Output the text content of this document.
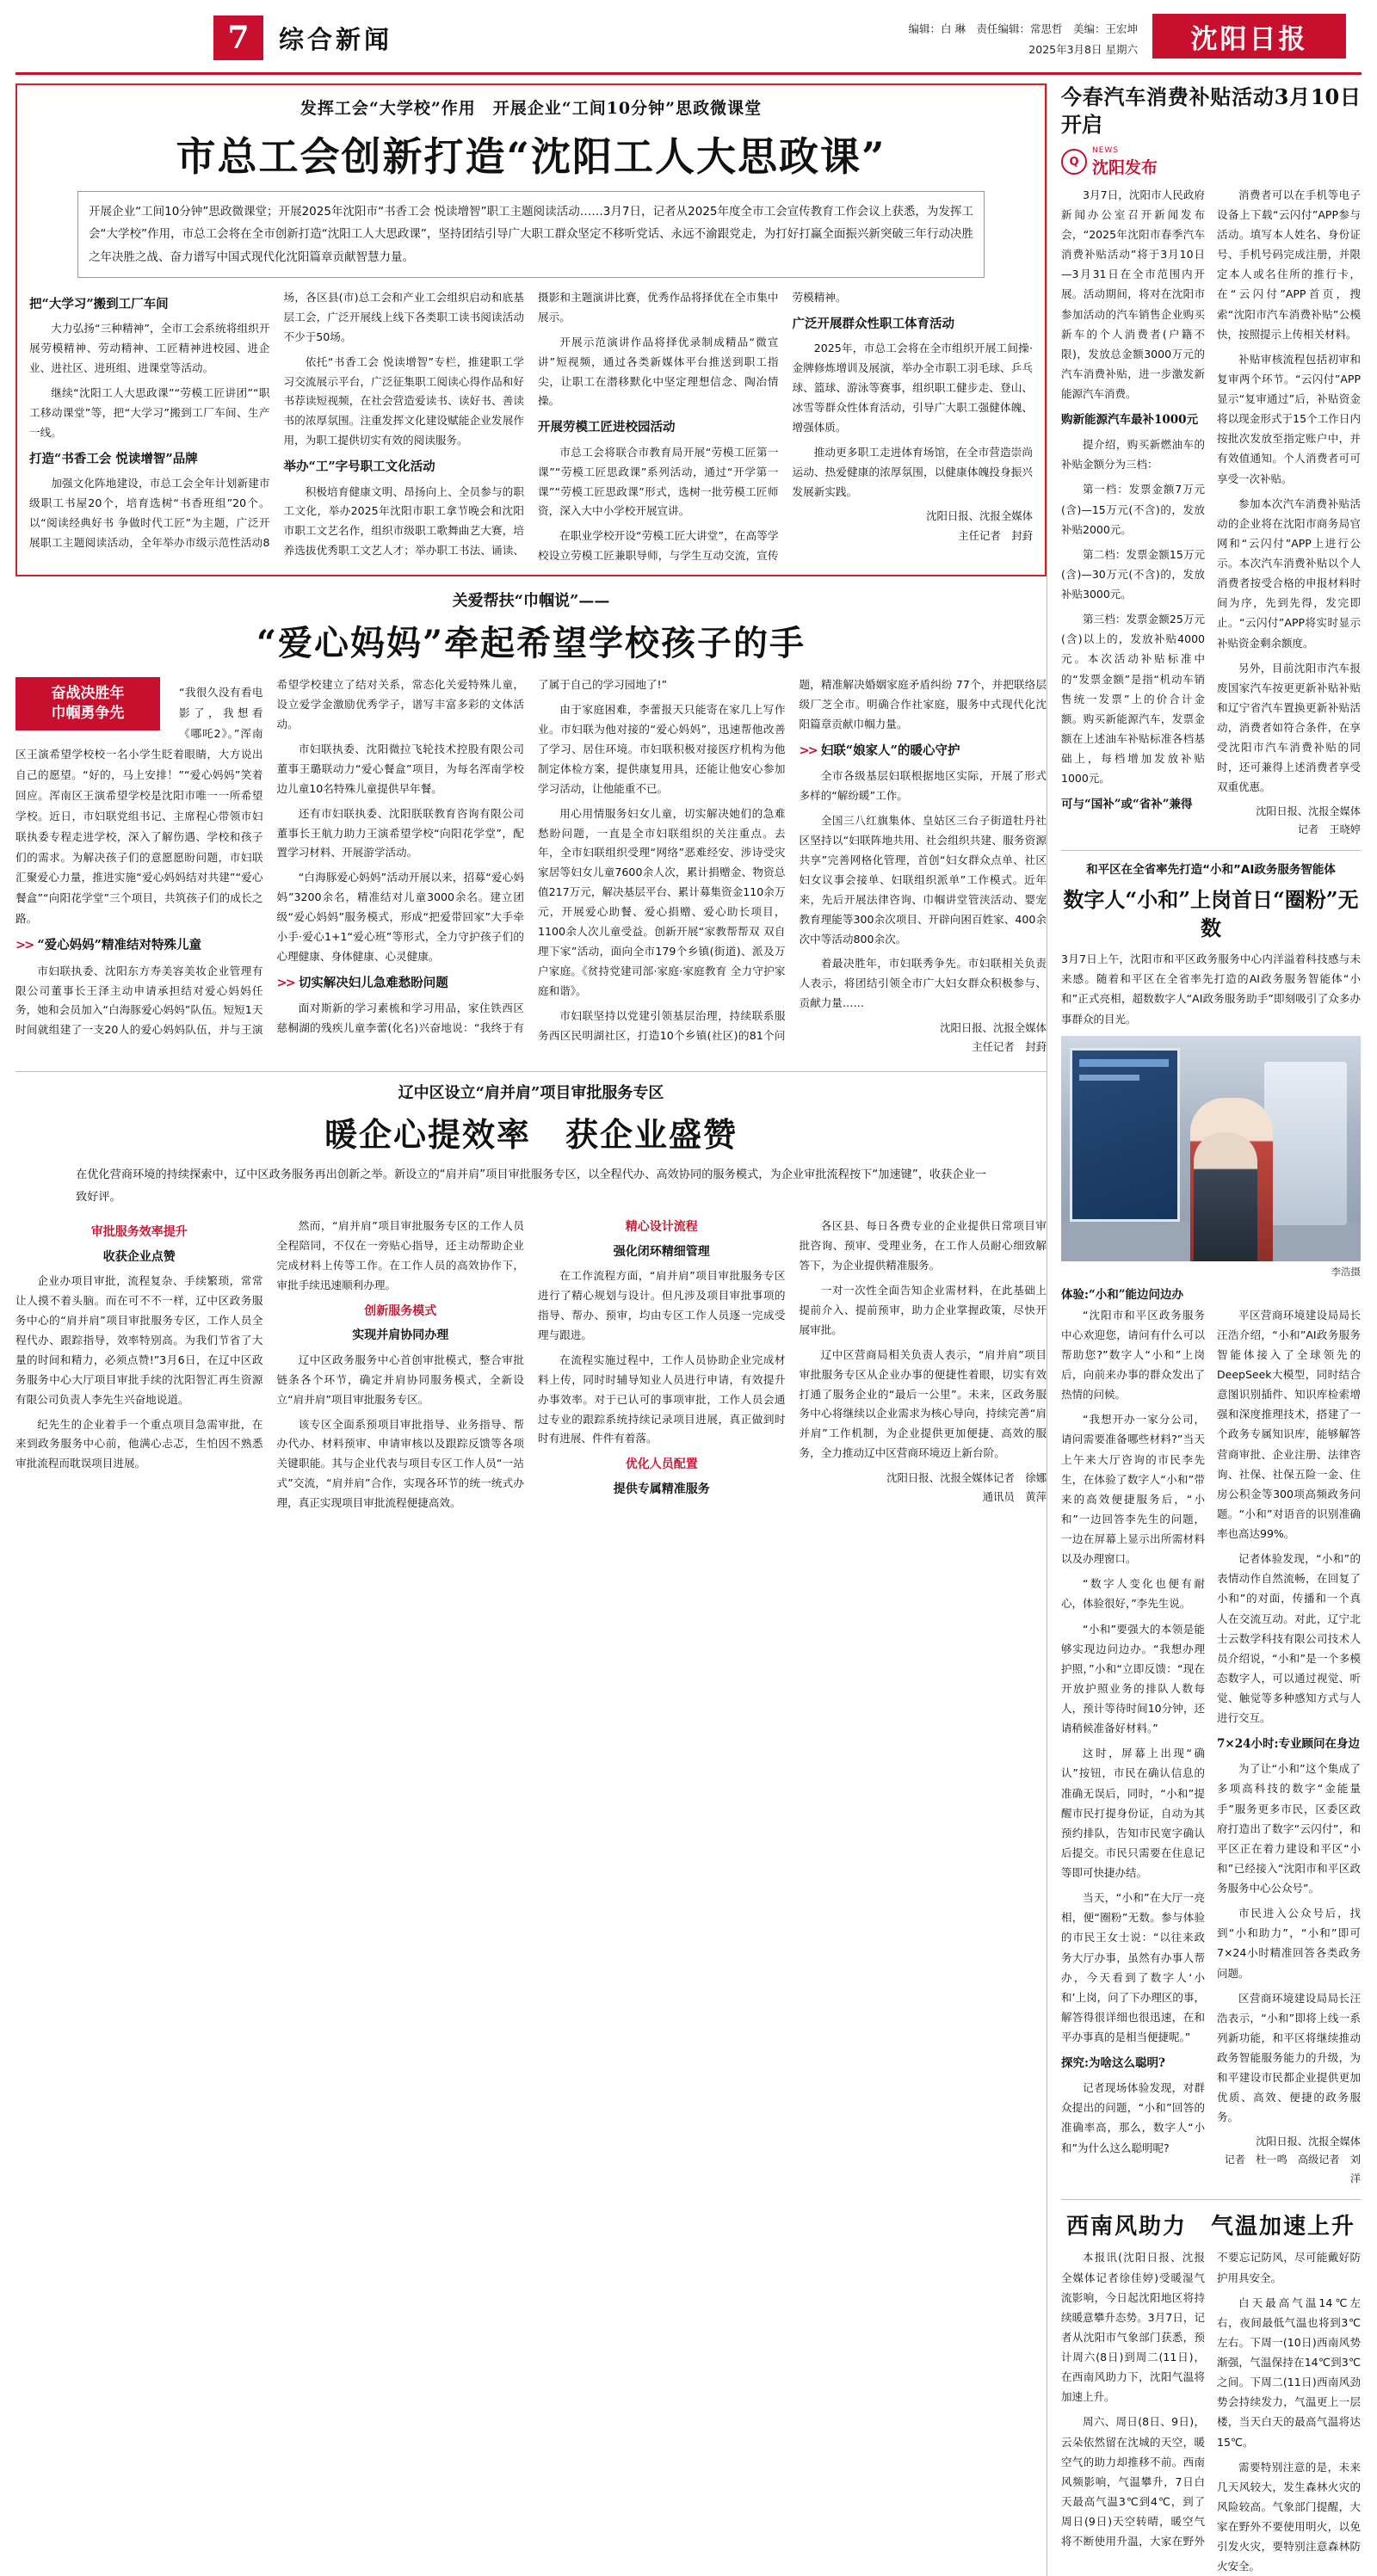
7	综合新闻	编辑：白 琳　责任编辑：常思哲　美编：王宏坤
2025年3月8日 星期六	沈阳日报
发挥工会“大学校”作用　开展企业“工间10分钟”思政微课堂
市总工会创新打造“沈阳工人大思政课”
开展企业“工间10分钟”思政微课堂；开展2025年沈阳市“书香工会 悦读增智”职工主题阅读活动……3月7日，记者从2025年度全市工会宣传教育工作会议上获悉，为发挥工会“大学校”作用，市总工会将在全市创新打造“沈阳工人大思政课”，坚持团结引导广大职工群众坚定不移听党话、永远不渝跟党走，为打好打赢全面振兴新突破三年行动决胜之年决胜之战、奋力谱写中国式现代化沈阳篇章贡献智慧力量。
把“大学习”搬到工厂车间

大力弘扬“三种精神”，全市工会系统将组织开展劳模精神、劳动精神、工匠精神进校园、进企业、进社区、进班组、进课堂等活动。

继续“沈阳工人大思政课”“劳模工匠讲团”“职工移动课堂”等，把“大学习”搬到工厂车间、生产一线。

打造“书香工会 悦读增智”品牌

加强文化阵地建设，市总工会全年计划新建市级职工书屋20个，培育选树“书香班组”20个。以“阅读经典好书 争做时代工匠”为主题，广泛开展职工主题阅读活动，全年举办市级示范性活动8场，各区县(市)总工会和产业工会组织启动和底基层工会，广泛开展线上线下各类职工读书阅读活动不少于50场。

依托“书香工会 悦读增智”专栏，推建职工学习交流展示平台，广泛征集职工阅读心得作品和好书荐读短视频，在社会营造爱读书、读好书、善读书的浓厚氛围。注重发挥文化建设赋能企业发展作用，为职工提供切实有效的阅读服务。

举办“工”字号职工文化活动

积极培育健康文明、昂扬向上、全员参与的职工文化，举办2025年沈阳市职工拿节晚会和沈阳市职工文艺名作，组织市级职工歌舞曲艺大赛，培养选拔优秀职工文艺人才；举办职工书法、诵读、摄影和主题演讲比赛，优秀作品将择优在全市集中展示。

开展示范演讲作品将择优录制成精品“微宣讲”短视频，通过各类新媒体平台推送到职工指尖，让职工在潜移默化中坚定理想信念、陶冶情操。

开展劳模工匠进校园活动

市总工会将联合市教育局开展“劳模工匠第一课”“劳模工匠思政课”系列活动，通过“开学第一课”“劳模工匠思政课”形式，选树一批劳模工匠师资，深入大中小学校开展宣讲。

在职业学校开设“劳模工匠大讲堂”，在高等学校设立劳模工匠兼职导师，与学生互动交流，宣传劳模精神。

广泛开展群众性职工体育活动

2025年，市总工会将在全市组织开展工间操·金牌修炼增训及展演，举办全市职工羽毛球、乒乓球、篮球、游泳等赛事，组织职工健步走、登山、冰雪等群众性体育活动，引导广大职工强健体魄、增强体质。

推动更多职工走进体育场馆，在全市营造崇尚运动、热爱健康的浓厚氛围，以健康体魄投身振兴发展新实践。

沈阳日报、沈报全媒体
主任记者　封葑
关爱帮扶“巾帼说”——
“爱心妈妈”牵起希望学校孩子的手
奋战决胜年
巾帼勇争先
“我很久没有看电影了，我想看《哪吒2》。”浑南区王演希望学校校一名小学生眨着眼睛，大方说出自己的愿望。“好的，马上安排！”“爱心妈妈”笑着回应。浑南区王演希望学校是沈阳市唯一一所希望学校。近日，市妇联党组书记、主席程心带领市妇联执委专程走进学校，深入了解伤遇、学校和孩子们的需求。为解决孩子们的意愿愿盼问题，市妇联汇聚爱心力量，推进实施“爱心妈妈结对共建”“爱心餐盒”“向阳花学堂”三个项目，共筑孩子们的成长之路。
>> “爱心妈妈”精准结对特殊儿童

市妇联执委、沈阳东方寿美容美妆企业管理有限公司董事长王泽主动申请承担结对爱心妈妈任务，她和会员加入“白海豚爱心妈妈”队伍。短短1天时间就组建了一支20人的爱心妈妈队伍，并与王演希望学校建立了结对关系，常态化关爱特殊儿童，设立爱学金激励优秀学子，谱写丰富多彩的文体活动。

市妇联执委、沈阳微拉飞轮技术控股有限公司董事王璐联动力“爱心餐盒”项目，为每名浑南学校边儿童10名特殊儿童提供早年餐。

还有市妇联执委、沈阳朕联教育咨询有限公司董事长王航力助力王演希望学校“向阳花学堂”，配置学习材料、开展游学活动。

“白海豚爱心妈妈”活动开展以来，招募“爱心妈妈”3200余名，精准结对儿童3000余名。建立团级“爱心妈妈”服务模式，形成“把爱带回家”大手牵小手·爱心1+1“爱心班”等形式，全力守护孩子们的心理健康、身体健康、心灵健康。

>> 切实解决妇儿急难愁盼问题

面对斯新的学习素梳和学习用品，家住铁西区慈桐湖的残疾儿童李蕾(化名)兴奋地说：“我终于有了属于自己的学习园地了!”

由于家庭困难，李蕾报天只能寄在家几上写作业。市妇联为他对接的“爱心妈妈”，迅速帮他改善了学习、居住环境。市妇联积极对接医疗机构为他制定体检方案，提供康复用具，还能让他安心参加学习活动，让他能重不已。

用心用情服务妇女儿童，切实解决她们的急难愁盼问题，一直是全市妇联组织的关注重点。去年，全市妇联组织受理“网络”恶难经安、涉诗受灾家居等妇女儿童7600余人次，累计捐赠金、物资总值217万元，解决基层平台、累计募集资金110余万元，开展爱心助餐、爱心捐赠、爱心助长项目，1100余人次儿童受益。创新开展“家教帮帮双 双自理下家”活动，面向全市179个乡镇(街道)、派及万户家庭。《贫持党建司部·家庭·家庭教育 全力守护家庭和谐》。

市妇联坚持以党建引领基层治理，持续联系服务西区民明湖社区，打造10个乡镇(社区)的81个问题，精准解决婚姻家庭矛盾纠纷 77个，并把联络层级厂芝全市。明确合作社家庭，服务中式现代化沈阳篇章贡献巾帼力量。

>> 妇联“娘家人”的暖心守护

全市各级基层妇联根据地区实际，开展了形式多样的“解纷暖”工作。

全国三八红旗集体、皇姑区三台子街道牡丹社区坚持以“妇联阵地共用、社会组织共建、服务资源共享”完善网格化管理，首创“妇女群众点单、社区妇女议事会接单、妇联组织派单”工作模式。近年来，先后开展法律咨询、巾帼讲堂管浃活动、婴宠教育理能等300余次项目、开辟向困百姓家、400余次中等活动800余次。

着最决胜年，市妇联秀争先。市妇联相关负责人表示，将团结引领全市广大妇女群众积极参与、贡献力量……

沈阳日报、沈报全媒体
主任记者　封葑
辽中区设立“肩并肩”项目审批服务专区
暖企心提效率　获企业盛赞
在优化营商环境的持续探索中，辽中区政务服务再出创新之举。新设立的“肩并肩”项目审批服务专区，以全程代办、高效协同的服务模式，为企业审批流程按下“加速键”，收获企业一致好评。
审批服务效率提升
收获企业点赞

企业办项目审批，流程复杂、手续繁琐，常常让人摸不着头脑。而在可不不一样，辽中区政务服务中心的“肩并肩”项目审批服务专区，工作人员全程代办、跟踪指导，效率特别高。为我们节省了大量的时间和精力，必须点赞!”3月6日，在辽中区政务服务中心大厅项目审批手续的沈阳智汇再生资源有限公司负责人李先生兴奋地说道。

纪先生的企业着手一个重点项目急需审批，在来到政务服务中心前，他满心忐忑，生怕因不熟悉审批流程而耽误项目进展。

然而，“肩并肩”项目审批服务专区的工作人员全程陪同，不仅在一旁贴心指导，还主动帮助企业完成材料上传等工作。在工作人员的高效协作下，审批手续迅速顺利办理。

创新服务模式
实现并肩协同办理

辽中区政务服务中心首创审批模式，整合审批链条各个环节，确定并肩协同服务模式，全新设立“肩并肩”项目审批服务专区。

该专区全面系预项目审批指导、业务指导、帮办代办、材料预审、申请审核以及跟踪反馈等各项关键职能。其与企业代表与项目专区工作人员“一站式”交流，“肩并肩”合作，实现各环节的统一统式办理，真正实现项目审批流程便捷高效。

精心设计流程
强化闭环精细管理

在工作流程方面，“肩并肩”项目审批服务专区进行了精心规划与设计。但凡涉及项目审批事项的指导、帮办、预审，均由专区工作人员逐一完成受理与跟进。

在流程实施过程中，工作人员协助企业完成材料上传，同时时辅导知业人员进行申请，有效提升办事效率。对于已认可的事项审批，工作人员会通过专业的跟踪系统持续记录项目进展，真正做到时时有进展、件件有着落。

优化人员配置
提供专属精准服务

各区县、每日各费专业的企业提供日常项目审批咨询、预审、受理业务，在工作人员耐心细致解答下，为企业提供精准服务。

一对一次性全面告知企业需材料，在此基础上提前介入、提前预审，助力企业掌握政策，尽快开展审批。

辽中区营商局相关负责人表示，“肩并肩”项目审批服务专区从企业办事的便捷性着眼，切实有效打通了服务企业的“最后一公里”。未来，区政务服务中心将继续以企业需求为核心导向，持续完善“肩并肩”工作机制，为企业提供更加便捷、高效的服务，全力推动辽中区营商环境迈上新台阶。

沈阳日报、沈报全媒体记者　徐娜
通讯员　黄萍
今春汽车消费补贴活动3月10日开启
Q
NEWS
沈阳发布

3月7日，沈阳市人民政府新闻办公室召开新闻发布会，“2025年沈阳市春季汽车消费补贴活动”将于3月10日—3月31日在全市范围内开展。活动期间，将对在沈阳市参加活动的汽车销售企业购买新车的个人消费者(户籍不限)，发放总金额3000万元的汽车消费补贴，进一步激发新能源汽车消费。

购新能源汽车最补1000元

提介绍，购买新燃油车的补贴金额分为三档：

第一档：发票金额7万元(含)—15万元(不含)的，发放补贴2000元。

第二档：发票金额15万元(含)—30万元(不含)的，发放补贴3000元。

第三档：发票金额25万元(含)以上的，发放补贴4000元。本次活动补贴标准中的“发票金额”是指“机动车销售统一发票”上的价合计金额。购买新能源汽车，发票金额在上述油车补贴标准各档基础上，每档增加发放补贴1000元。

可与“国补”或“省补”兼得

消费者可以在手机等电子设备上下载“云闪付”APP参与活动。填写本人姓名、身份证号、手机号码完成注册，并限定本人或名住所的推行卡，在“云闪付”APP首页，搜索“沈阳市汽车消费补贴”公模快，按照提示上传相关材料。

补贴审核流程包括初审和复审两个环节。“云闪付”APP显示“复审通过”后，补贴资金将以现金形式于15个工作日内按批次发放至指定账户中，并有效值通知。个人消费者可可享受一次补贴。

参加本次汽车消费补贴活动的企业将在沈阳市商务局官网和“云闪付”APP上进行公示。本次汽车消费补贴以个人消费者按受合格的申报材料时间为序，先到先得，发完即止。“云闪付”APP将实时显示补贴资金剩余额度。

另外，目前沈阳市汽车报废国家汽车按更更新补贴补贴和辽宁省汽车置换更新补贴活动，消费者如符合条件，在享受沈阳市汽车消费补贴的同时，还可兼得上述消费者享受双重优惠。

沈阳日报、沈报全媒体
记者　王晓婷
和平区在全省率先打造“小和”AI政务服务智能体
数字人“小和”上岗首日“圈粉”无数
3月7日上午，沈阳市和平区政务服务中心内洋溢着科技感与未来感。随着和平区在全省率先打造的AI政务服务智能体“小和”正式亮相，超数数字人“AI政务服务助手”即刻吸引了众多办事群众的目光。
李浩摄
体验:“小和”能边问边办

“沈阳市和平区政务服务中心欢迎您，请问有什么可以帮助您?”数字人“小和”上岗后，向前来办事的群众发出了热情的问候。

“我想开办一家分公司，请问需要准备哪些材料?”当天上午来大厅咨询的市民李先生，在体验了数字人“小和”带来的高效便捷服务后，“小和”一边回答李先生的问题，一边在屏幕上显示出所需材料以及办理窗口。

“数字人变化也便有耐心，体验很好，”李先生说。

“小和”要强大的本领是能够实现边问边办。“我想办理护照，”小和“立即反馈：“现在开放护照业务的排队人数每人，预计等待时间10分钟，还请稍候准备好材料。”

这时，屏幕上出现“确认”按钮，市民在确认信息的准确无误后，同时，“小和”提醒市民打提身份证，自动为其预约排队，告知市民宽字确认后提交。市民只需要在住息记等即可快捷办结。

当天，“小和”在大厅一亮相，便“圈粉”无数。参与体验的市民王女士说：“以往来政务大厅办事，虽然有办事人帮办，今天看到了数字人‘小和’上岗，问了下办理区的事，解答得很详细也很迅速，在和平办事真的是相当便捷呢。”

探究:为啥这么聪明?

记者现场体验发现，对群众提出的问题，“小和”回答的准确率高，那么，数字人“小和”为什么这么聪明呢?

平区营商环境建设局局长汪浩介绍，“小和”AI政务服务智能体接入了全球领先的DeepSeek大模型，同时结合意图识别插件、知识库检索增强和深度推理技术，搭建了一个政务专属知识库，能够解答营商审批、企业注册、法律咨询、社保、社保五险一金、住房公积金等300项高频政务问题。“小和”对语音的识别准确率也高达99%。

记者体验发现，“小和”的表情动作自然流畅，在回复了小和”的对面，传播和一个真人在交流互动。对此，辽宁北士云数学科技有限公司技术人员介绍说，“小和”是一个多模态数字人，可以通过视觉、听觉、触觉等多种感知方式与人进行交互。

7×24小时:专业顾问在身边

为了让“小和”这个集成了多项高科技的数字“金能量手”服务更多市民，区委区政府打造出了数字“云闪付”，和平区正在着力建设和平区“小和”已经接入“沈阳市和平区政务服务中心公众号”。

市民进入公众号后，找到“小和助力”，“小和”即可7×24小时精准回答各类政务问题。

区营商环境建设局局长汪浩表示，“小和”即将上线一系列新功能，和平区将继续推动政务智能服务能力的升级，为和平建设市民都企业提供更加优质、高效、便捷的政务服务。

沈阳日报、沈报全媒体
记者　杜一鸣　高级记者　刘洋
西南风助力　气温加速上升

本报讯(沈阳日报、沈报全媒体记者徐佳婷)受暖湿气流影响，今日起沈阳地区将持续暖意攀升态势。3月7日，记者从沈阳市气象部门获悉，预计周六(8日)到周二(11日)，在西南风助力下，沈阳气温将加速上升。

周六、周日(8日、9日)，云朵依然留在沈城的天空，暖空气的助力却推移不前。西南风频影响，气温攀升，7日白天最高气温3℃到4℃，到了周日(9日)天空转晴，暖空气将不断使用升温，大家在野外不要忘记防风，尽可能戴好防护用具安全。

白天最高气温14℃左右，夜间最低气温也将到3℃左右。下周一(10日)西南风势渐强，气温保持在14℃到3℃之间。下周二(11日)西南风劲势会持续发力，气温更上一层楼，当天白天的最高气温将达15℃。

需要特别注意的是，未来几天风较大，发生森林火灾的风险较高。气象部门提醒，大家在野外不要使用明火，以免引发火灾，要特别注意森林防火安全。
